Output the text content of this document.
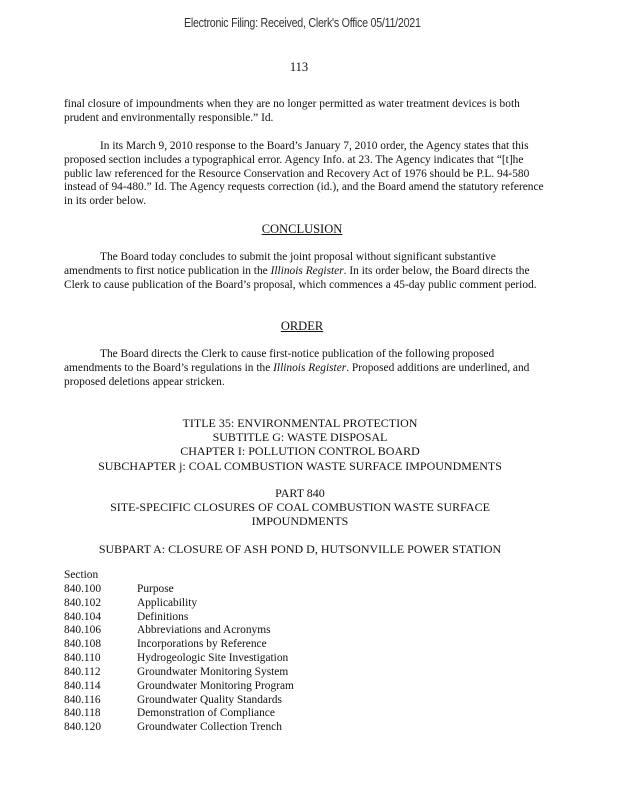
Electronic Filing: Received, Clerk's Office 05/11/2021
113

final closure of impoundments when they are no longer permitted as water treatment devices is both prudent and environmentally responsible.” Id.

In its March 9, 2010 response to the Board’s January 7, 2010 order, the Agency states that this proposed section includes a typographical error. Agency Info. at 23. The Agency indicates that “[t]he public law referenced for the Resource Conservation and Recovery Act of 1976 should be P.L. 94-580 instead of 94-480.” Id. The Agency requests correction (id.), and the Board amend the statutory reference in its order below.

CONCLUSION

The Board today concludes to submit the joint proposal without significant substantive amendments to first notice publication in the Illinois Register. In its order below, the Board directs the Clerk to cause publication of the Board’s proposal, which commences a 45-day public comment period.

ORDER

The Board directs the Clerk to cause first-notice publication of the following proposed amendments to the Board’s regulations in the Illinois Register. Proposed additions are underlined, and proposed deletions appear stricken.

TITLE 35: ENVIRONMENTAL PROTECTION
SUBTITLE G: WASTE DISPOSAL
CHAPTER I: POLLUTION CONTROL BOARD
SUBCHAPTER j: COAL COMBUSTION WASTE SURFACE IMPOUNDMENTS
PART 840
SITE-SPECIFIC CLOSURES OF COAL COMBUSTION WASTE SURFACE
IMPOUNDMENTS
SUBPART A: CLOSURE OF ASH POND D, HUTSONVILLE POWER STATION
Section
840.100	Purpose
840.102	Applicability
840.104	Definitions
840.106	Abbreviations and Acronyms
840.108	Incorporations by Reference
840.110	Hydrogeologic Site Investigation
840.112	Groundwater Monitoring System
840.114	Groundwater Monitoring Program
840.116	Groundwater Quality Standards
840.118	Demonstration of Compliance
840.120	Groundwater Collection Trench
